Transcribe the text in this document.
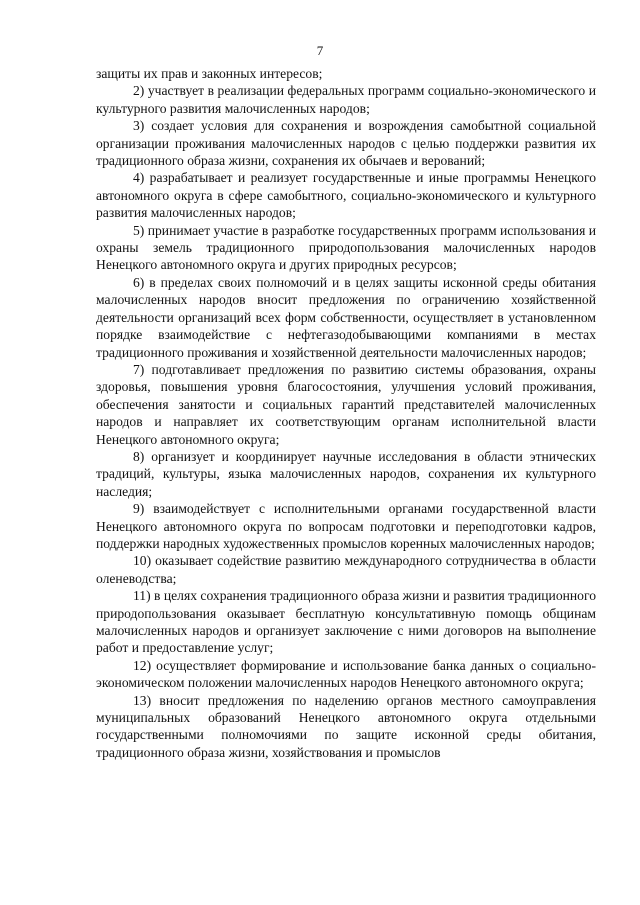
7

защиты их прав и законных интересов;

2) участвует в реализации федеральных программ социально-экономического и культурного развития малочисленных народов;

3) создает условия для сохранения и возрождения самобытной социальной организации проживания малочисленных народов с целью поддержки развития их традиционного образа жизни, сохранения их обычаев и верований;

4) разрабатывает и реализует государственные и иные программы Ненецкого автономного округа в сфере самобытного, социально-экономического и культурного развития малочисленных народов;

5) принимает участие в разработке государственных программ использования и охраны земель традиционного природопользования малочисленных народов Ненецкого автономного округа и других природных ресурсов;

6) в пределах своих полномочий и в целях защиты исконной среды обитания малочисленных народов вносит предложения по ограничению хозяйственной деятельности организаций всех форм собственности, осуществляет в установленном порядке взаимодействие с нефтегазодобывающими компаниями в местах традиционного проживания и хозяйственной деятельности малочисленных народов;

7) подготавливает предложения по развитию системы образования, охраны здоровья, повышения уровня благосостояния, улучшения условий проживания, обеспечения занятости и социальных гарантий представителей малочисленных народов и направляет их соответствующим органам исполнительной власти Ненецкого автономного округа;

8) организует и координирует научные исследования в области этнических традиций, культуры, языка малочисленных народов, сохранения их культурного наследия;

9) взаимодействует с исполнительными органами государственной власти Ненецкого автономного округа по вопросам подготовки и переподготовки кадров, поддержки народных художественных промыслов коренных малочисленных народов;

10) оказывает содействие развитию международного сотрудничества в области оленеводства;

11) в целях сохранения традиционного образа жизни и развития традиционного природопользования оказывает бесплатную консультативную помощь общинам малочисленных народов и организует заключение с ними договоров на выполнение работ и предоставление услуг;

12) осуществляет формирование и использование банка данных о социально-экономическом положении малочисленных народов Ненецкого автономного округа;

13) вносит предложения по наделению органов местного самоуправления муниципальных образований Ненецкого автономного округа отдельными государственными полномочиями по защите исконной среды обитания, традиционного образа жизни, хозяйствования и промыслов
